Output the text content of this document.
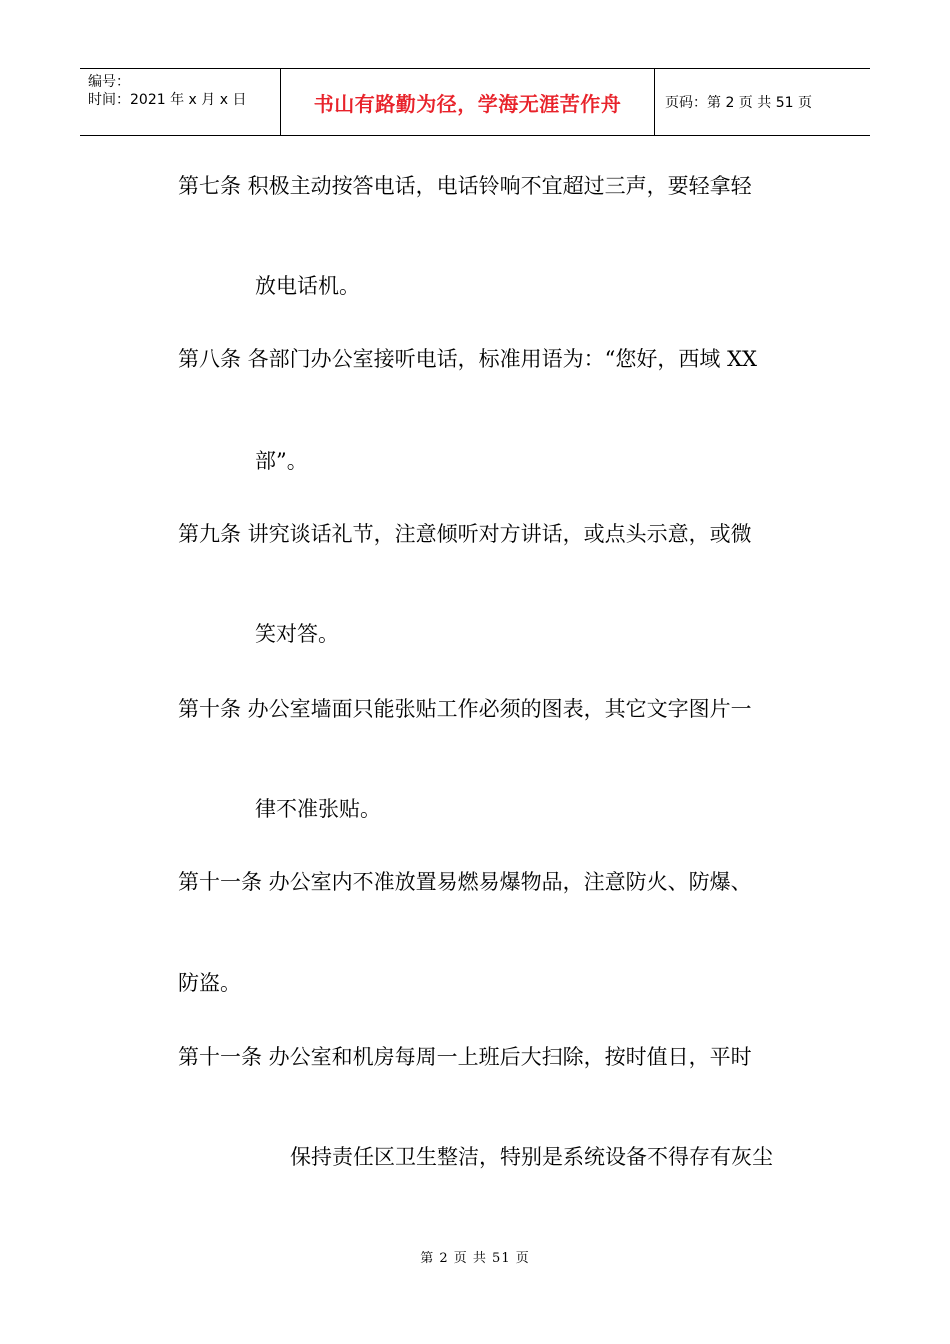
编号：
时间：2021 年 x 月 x 日	书山有路勤为径，学海无涯苦作舟	页码：第 2 页 共 51 页
第七条 积极主动按答电话，电话铃响不宜超过三声，要轻拿轻
放电话机。
第八条 各部门办公室接听电话，标准用语为：“您好，西域 XX
部”。
第九条 讲究谈话礼节，注意倾听对方讲话，或点头示意，或微
笑对答。
第十条 办公室墙面只能张贴工作必须的图表，其它文字图片一
律不准张贴。
第十一条 办公室内不准放置易燃易爆物品，注意防火、防爆、
防盗。
第十一条 办公室和机房每周一上班后大扫除，按时值日，平时
保持责任区卫生整洁，特别是系统设备不得存有灰尘
第 2 页 共 51 页
